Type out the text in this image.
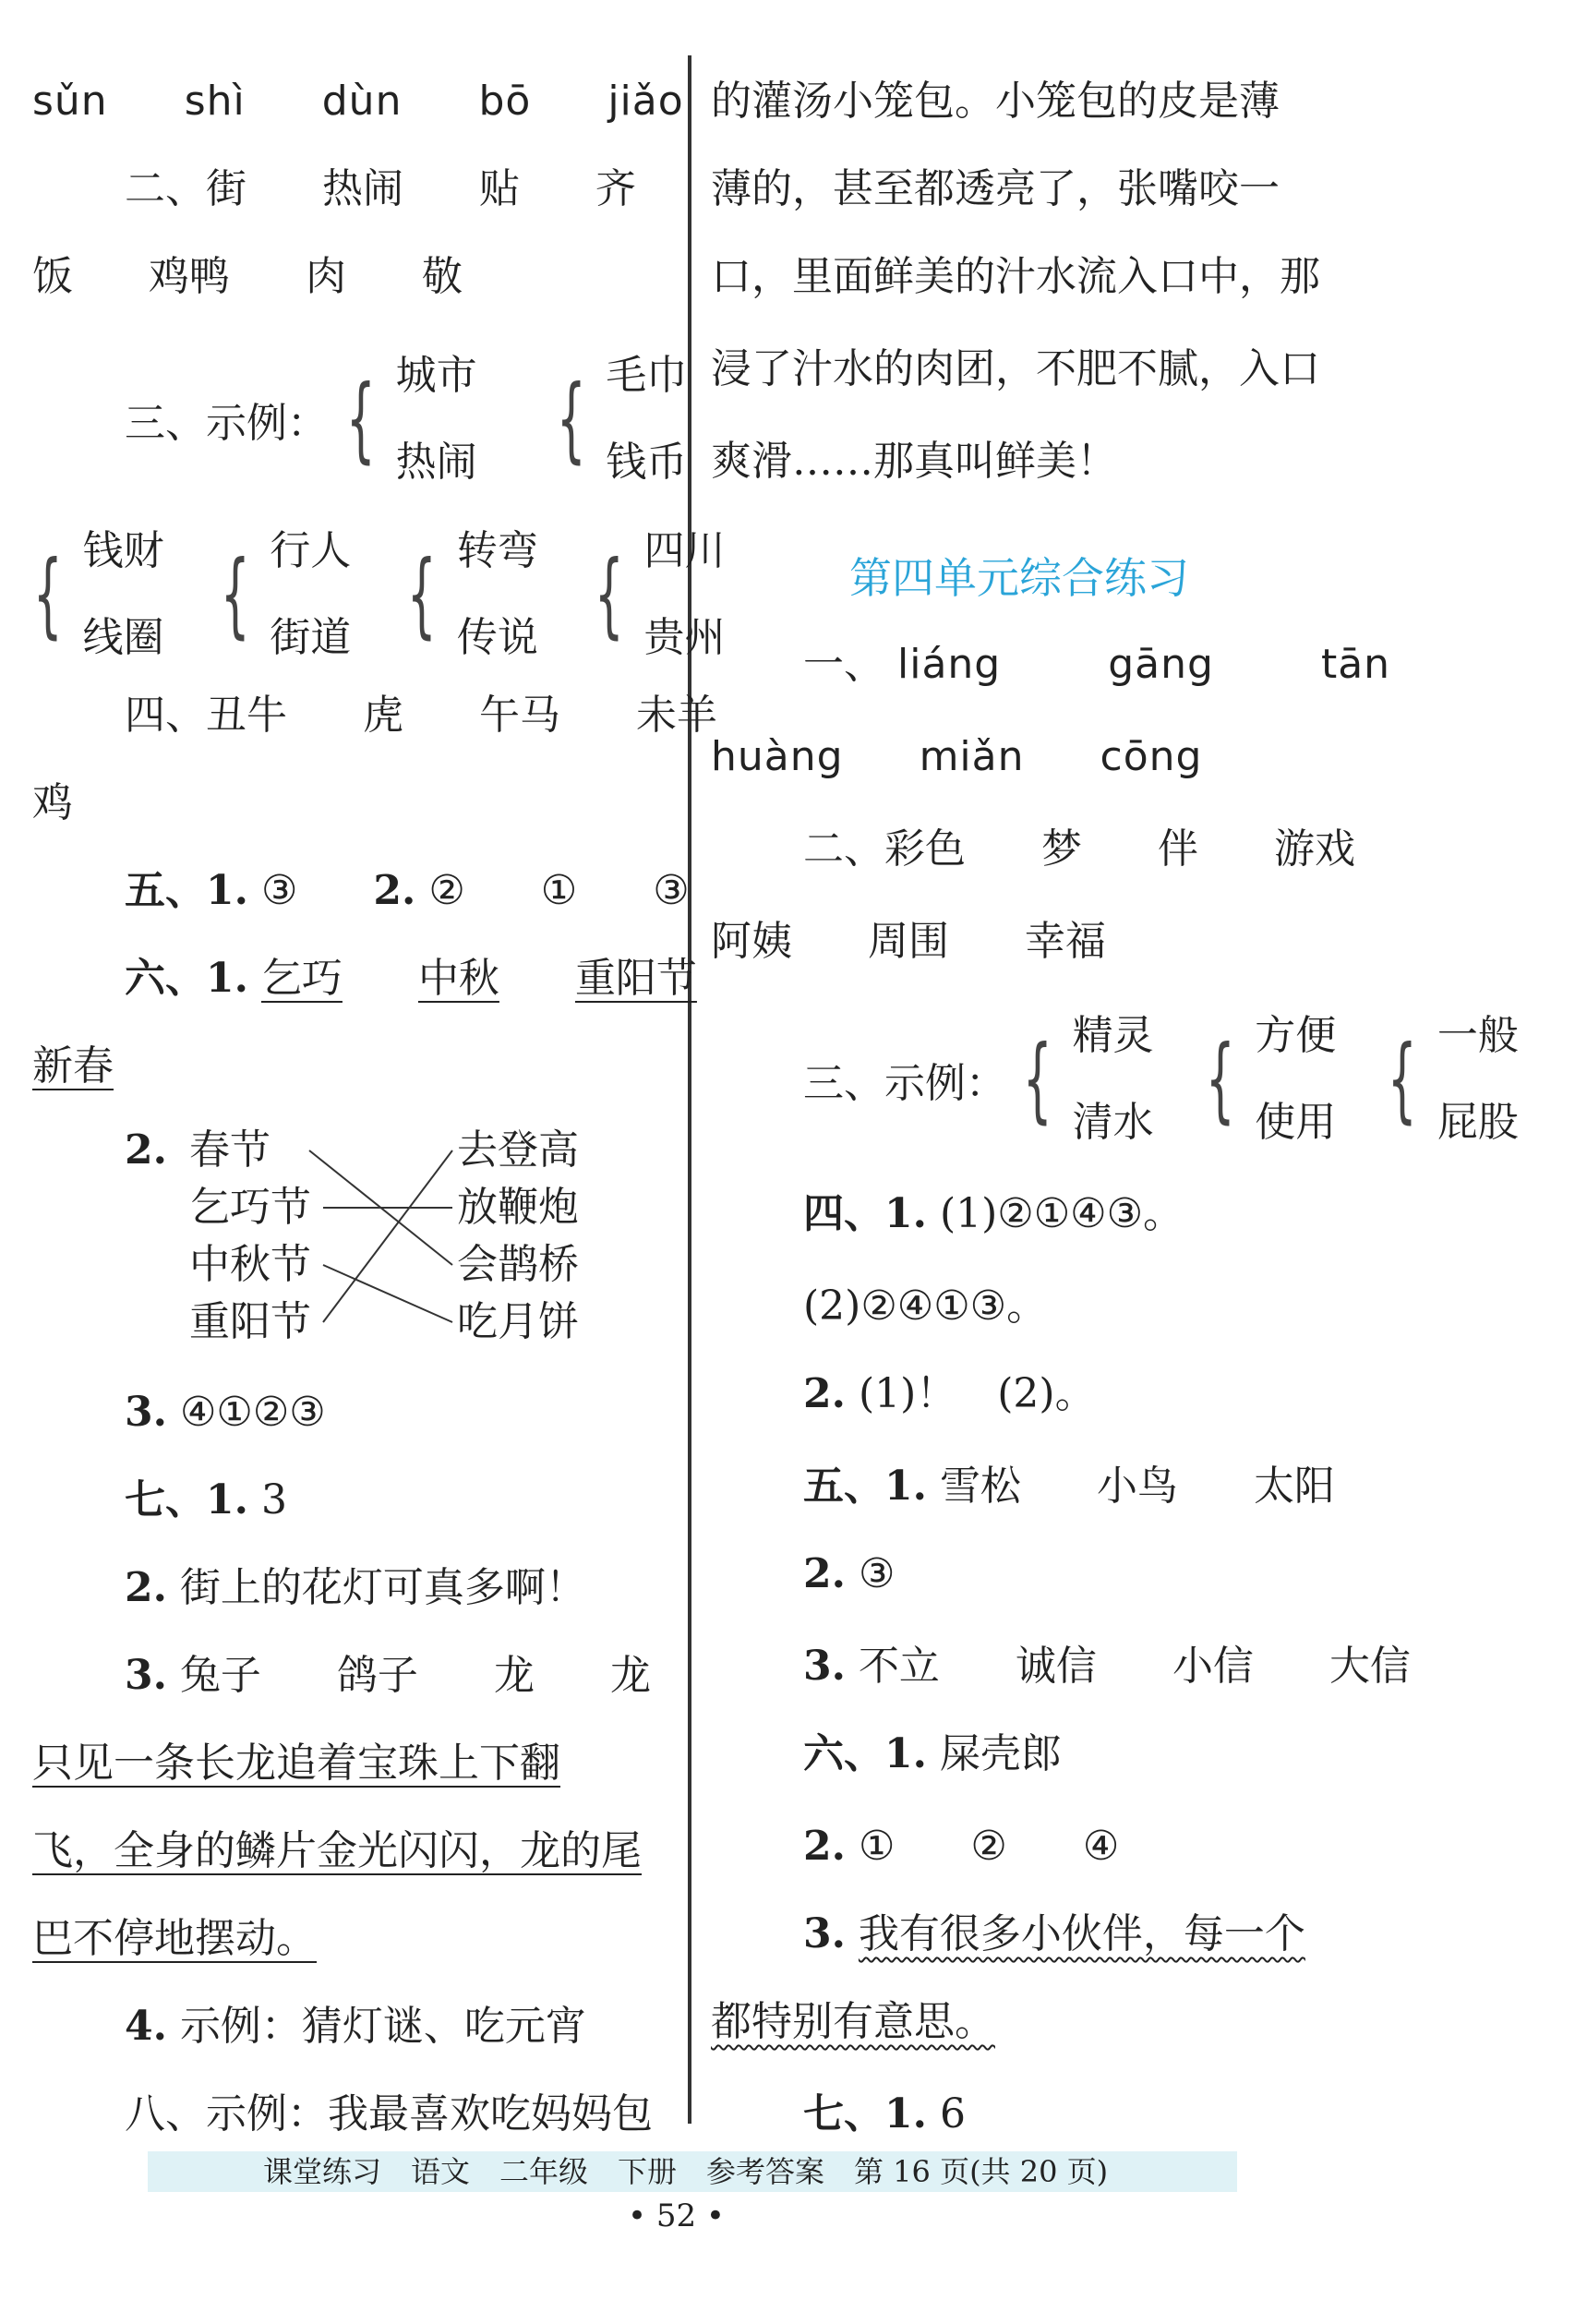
sǔn shì dùn bō jiǎo
二、街 热闹 贴 齐
饭 鸡鸭 肉 敬
三、示例： { 城市
热闹 { 毛巾
钱币
{ 钱财
线圈 { 行人
街道 { 转弯
传说 { 四川
贵州
四、丑牛 虎 午马 未羊
鸡
五、1. ③ 2. ② ① ③
六、1. 乞巧 中秋 重阳节
新春
2. 春节
乞巧节
中秋节
重阳节
去登高
放鞭炮
会鹊桥
吃月饼
3. ④①②③
七、1. 3
2. 街上的花灯可真多啊！
3. 兔子 鸽子 龙 龙
只见一条长龙追着宝珠上下翻
飞，全身的鳞片金光闪闪，龙的尾
巴不停地摆动。
4. 示例：猜灯谜、吃元宵
八、示例：我最喜欢吃妈妈包
的灌汤小笼包。小笼包的皮是薄
薄的，甚至都透亮了，张嘴咬一
口，里面鲜美的汁水流入口中，那
浸了汁水的肉团，不肥不腻，入口
爽滑……那真叫鲜美！
第四单元综合练习
一、 liáng	gāng	tān
huàng miǎn cōng
二、彩色 梦 伴 游戏
阿姨 周围 幸福
三、示例： { 精灵
清水 { 方便
使用 { 一般
屁股
四、1. (1)②①④③。
(2)②④①③。
2. (1)！　(2)。
五、1. 雪松 小鸟 太阳
2. ③
3. 不立 诚信 小信 大信
六、1. 屎壳郎
2. ① ② ④
3. 我有很多小伙伴，每一个
都特别有意思。
七、1. 6
课堂练习　语文　二年级　下册　参考答案　第 16 页(共 20 页)
• 52 •
